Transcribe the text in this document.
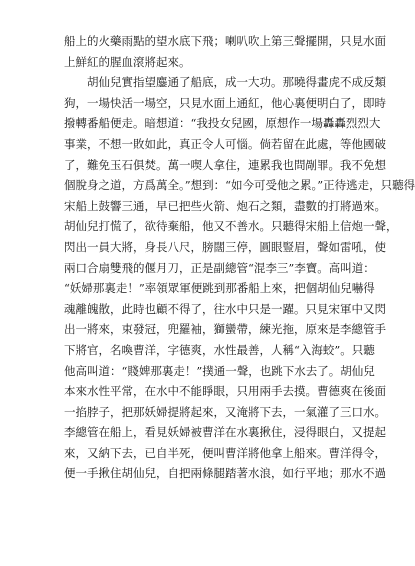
船上的火藥雨點的望水底下飛；喇叭吹上第三聲擺開，只見水面
上鮮紅的腥血滾將起來。
　　胡仙兒實指望鏖通了船底，成一大功。那曉得畫虎不成反類
狗，一場快活一場空，只見水面上通紅，他心裏便明白了，即時
撥轉番船便走。暗想道：“我投女兒國，原想作一場轟轟烈烈大
事業，不想一敗如此，真正令人可惱。倘若留在此處，等他國破
了，難免玉石俱焚。萬一喫人拿住，連累我也問剮罪。我不免想
個脫身之道，方爲萬全。”想到：“如今可受他之累。”正待逃走，只聽得
宋船上鼓響三通，早已把些火箭、炮石之類，盡數的打將過來。
胡仙兒打慌了，欲待棄船，他又不善水。只聽得宋船上信炮一聲，
閃出一員大將，身長八尺，膀闊三停，圓眼豎眉，聲如雷吼，使
兩口合扇雙飛的偃月刀，正是副總管“混李三”李寶。高叫道：
“妖婦那裏走！”率領眾軍便跳到那番船上來，把個胡仙兒嚇得
魂離魄散，此時也顧不得了，往水中只是一躍。只見宋軍中又閃
出一將來，束發冠，兜羅袖，獅蠻帶，練光拖，原來是李總管手
下將官，名喚曹洋，字德爽，水性最善，人稱“入海蛟”。只聽
他高叫道：“賤婢那裏走！”撲通一聲，也跳下水去了。胡仙兒
本來水性平常，在水中不能睜眼，只用兩手去摸。曹德爽在後面
一掐脖子，把那妖婦提將起來，又淹將下去，一氣灌了三口水。
李總管在船上，看見妖婦被曹洋在水裏揪住，浸得眼白，又提起
來，又納下去，已自半死，便叫曹洋將他拿上船來。曹洋得令，
便一手揪住胡仙兒，自把兩條腿踏著水浪，如行平地；那水不過
